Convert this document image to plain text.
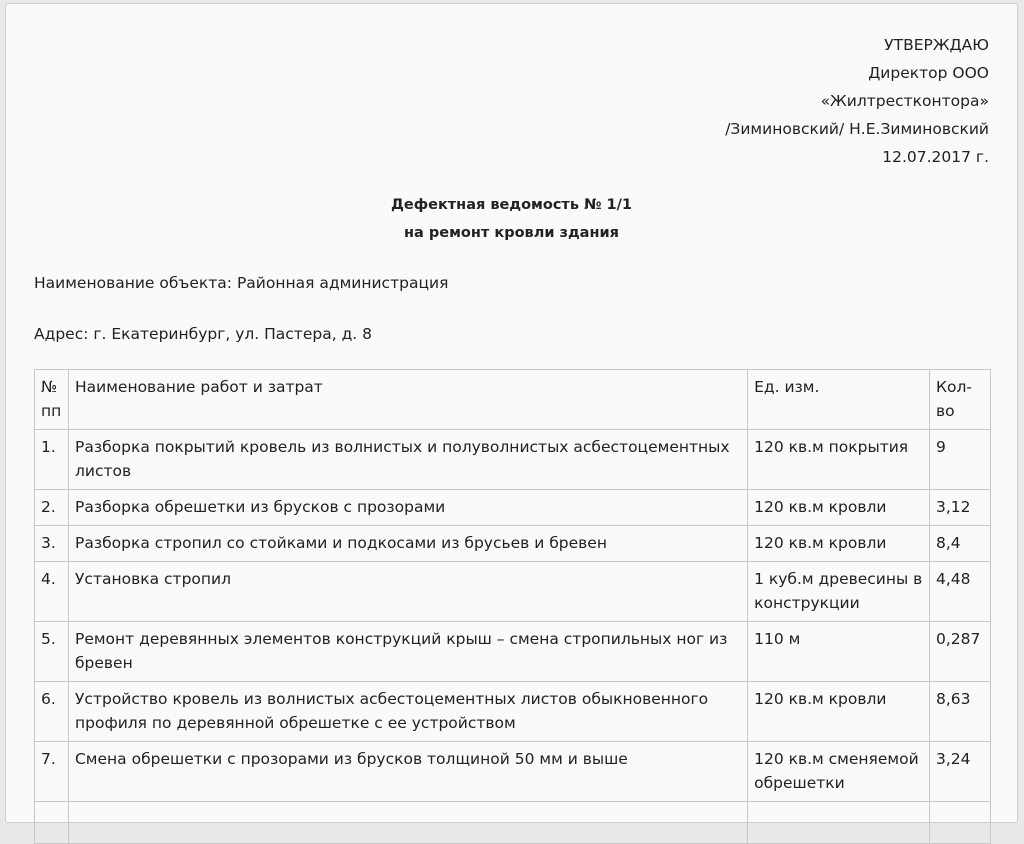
УТВЕРЖДАЮ
Директор ООО
«Жилтрестконтора»
/Зиминовский/ Н.Е.Зиминовский
12.07.2017 г.
Дефектная ведомость № 1/1
на ремонт кровли здания
Наименование объекта: Районная администрация
Адрес: г. Екатеринбург, ул. Пастера, д. 8
№ пп	Наименование работ и затрат	Ед. изм.	Кол-во
1.	Разборка покрытий кровель из волнистых и полуволнистых асбестоцементных листов	120 кв.м покрытия	9
2.	Разборка обрешетки из брусков с прозорами	120 кв.м кровли	3,12
3.	Разборка стропил со стойками и подкосами из брусьев и бревен	120 кв.м кровли	8,4
4.	Установка стропил	1 куб.м древесины в конструкции	4,48
5.	Ремонт деревянных элементов конструкций крыш – смена стропильных ног из бревен	110 м	0,287
6.	Устройство кровель из волнистых асбестоцементных листов обыкновенного профиля по деревянной обрешетке с ее устройством	120 кв.м кровли	8,63
7.	Смена обрешетки с прозорами из брусков толщиной 50 мм и выше	120 кв.м сменяемой обрешетки	3,24
